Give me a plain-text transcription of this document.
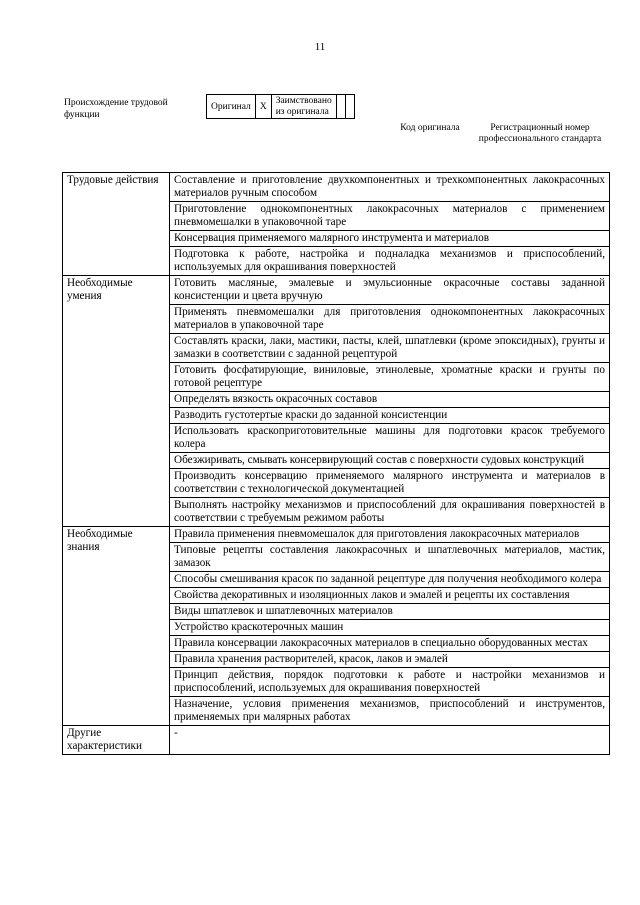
11
Происхождение трудовой функции
Оригинал	X	Заимствовано из оригинала		
Код оригинала	Регистрационный номер профессионального стандарта
Трудовые действия	Составление и приготовление двухкомпонентных и трехкомпонентных лакокрасочных материалов ручным способом
	Приготовление однокомпонентных лакокрасочных материалов с применением пневмомешалки в упаковочной таре
	Консервация применяемого малярного инструмента и материалов
	Подготовка к работе, настройка и подналадка механизмов и приспособлений, используемых для окрашивания поверхностей
Необходимые умения	Готовить масляные, эмалевые и эмульсионные окрасочные составы заданной консистенции и цвета вручную
	Применять пневмомешалки для приготовления однокомпонентных лакокрасочных материалов в упаковочной таре
	Составлять краски, лаки, мастики, пасты, клей, шпатлевки (кроме эпоксидных), грунты и замазки в соответствии с заданной рецептурой
	Готовить фосфатирующие, виниловые, этинолевые, хроматные краски и грунты по готовой рецептуре
	Определять вязкость окрасочных составов
	Разводить густотертые краски до заданной консистенции
	Использовать краскоприготовительные машины для подготовки красок требуемого колера
	Обезжиривать, смывать консервирующий состав с поверхности судовых конструкций
	Производить консервацию применяемого малярного инструмента и материалов в соответствии с технологической документацией
	Выполнять настройку механизмов и приспособлений для окрашивания поверхностей в соответствии с требуемым режимом работы
Необходимые знания	Правила применения пневмомешалок для приготовления лакокрасочных материалов
	Типовые рецепты составления лакокрасочных и шпатлевочных материалов, мастик, замазок
	Способы смешивания красок по заданной рецептуре для получения необходимого колера
	Свойства декоративных и изоляционных лаков и эмалей и рецепты их составления
	Виды шпатлевок и шпатлевочных материалов
	Устройство краскотерочных машин
	Правила консервации лакокрасочных материалов в специально оборудованных местах
	Правила хранения растворителей, красок, лаков и эмалей
	Принцип действия, порядок подготовки к работе и настройки механизмов и приспособлений, используемых для окрашивания поверхностей
	Назначение, условия применения механизмов, приспособлений и инструментов, применяемых при малярных работах
Другие характеристики	-
